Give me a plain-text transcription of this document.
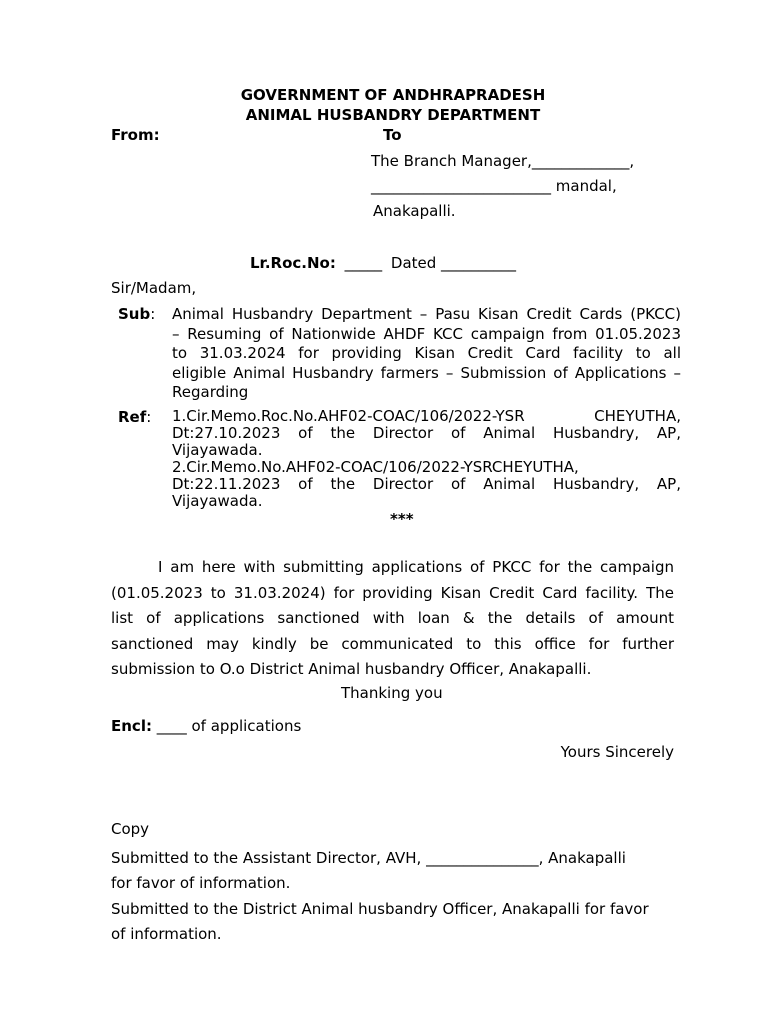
GOVERNMENT OF ANDHRAPRADESH
ANIMAL HUSBANDRY DEPARTMENT
From:	To
The Branch Manager,_____________,
________________________ mandal,
Anakapalli.
Lr.Roc.No: _____ Dated __________
Sir/Madam,
Sub: Animal Husbandry Department – Pasu Kisan Credit Cards (PKCC)
– Resuming of Nationwide AHDF KCC campaign from 01.05.2023
to 31.03.2024 for providing Kisan Credit Card facility to all
eligible Animal Husbandry farmers – Submission of Applications –
Regarding
Ref: 1.Cir.Memo.Roc.No.AHF02-COAC/106/2022-YSR CHEYUTHA,
Dt:27.10.2023 of the Director of Animal Husbandry, AP,
Vijayawada.
2.Cir.Memo.No.AHF02-COAC/106/2022-YSRCHEYUTHA,
Dt:22.11.2023 of the Director of Animal Husbandry, AP,
Vijayawada.
***
I am here with submitting applications of PKCC for the campaign
(01.05.2023 to 31.03.2024) for providing Kisan Credit Card facility. The
list of applications sanctioned with loan & the details of amount
sanctioned may kindly be communicated to this office for further
submission to O.o District Animal husbandry Officer, Anakapalli.
Thanking you
Encl: ____ of applications
Yours Sincerely
Copy
Submitted to the Assistant Director, AVH, _______________, Anakapalli
for favor of information.
Submitted to the District Animal husbandry Officer, Anakapalli for favor
of information.
